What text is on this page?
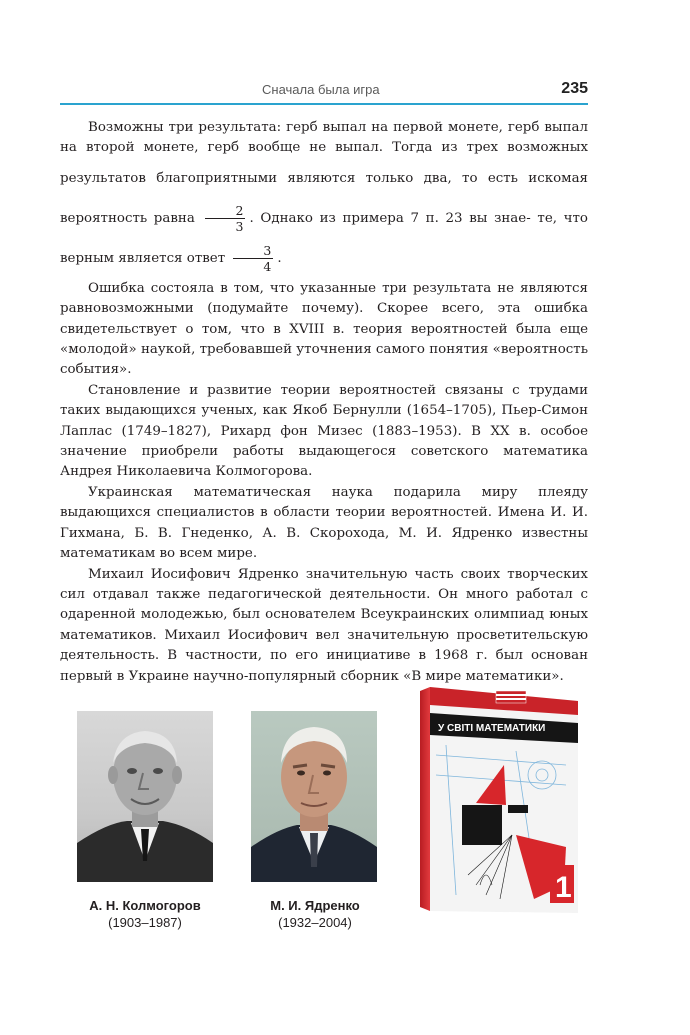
Сначала была игра	235

Возможны три результата: герб выпал на первой монете, герб выпал на второй монете, герб вообще не выпал. Тогда из трех возможных результатов благоприятными являются только два, то есть искомая вероятность равна $\frac{2}{3}$ . Однако из примера 7 п. 23 вы знае- те, что верным является ответ $\frac{3}{4}$ .

Ошибка состояла в том, что указанные три результата не являются равновозможными (подумайте почему). Скорее всего, эта ошибка свидетельствует о том, что в XVIII в. теория вероятностей была еще «молодой» наукой, требовавшей уточнения самого понятия «вероятность события».

Становление и развитие теории вероятностей связаны с трудами таких выдающихся ученых, как Якоб Бернулли (1654–1705), Пьер-Симон Лаплас (1749–1827), Рихард фон Мизес (1883–1953). В XX в. особое значение приобрели работы выдающегося советского математика Андрея Николаевича Колмогорова.

Украинская математическая наука подарила миру плеяду выдающихся специалистов в области теории вероятностей. Имена И. И. Гихмана, Б. В. Гнеденко, А. В. Скорохода, М. И. Ядренко известны математикам во всем мире.

Михаил Иосифович Ядренко значительную часть своих творческих сил отдавал также педагогической деятельности. Он много работал с одаренной молодежью, был основателем Всеукраинских олимпиад юных математиков. Михаил Иосифович вел значительную просветительскую деятельность. В частности, по его инициативе в 1968 г. был основан первый в Украине научно-популярный сборник «В мире математики».

А. Н. Колмогоров
(1903–1987)
М. И. Ядренко
(1932–2004)
У СВІТІ МАТЕМАТИКИ
1
